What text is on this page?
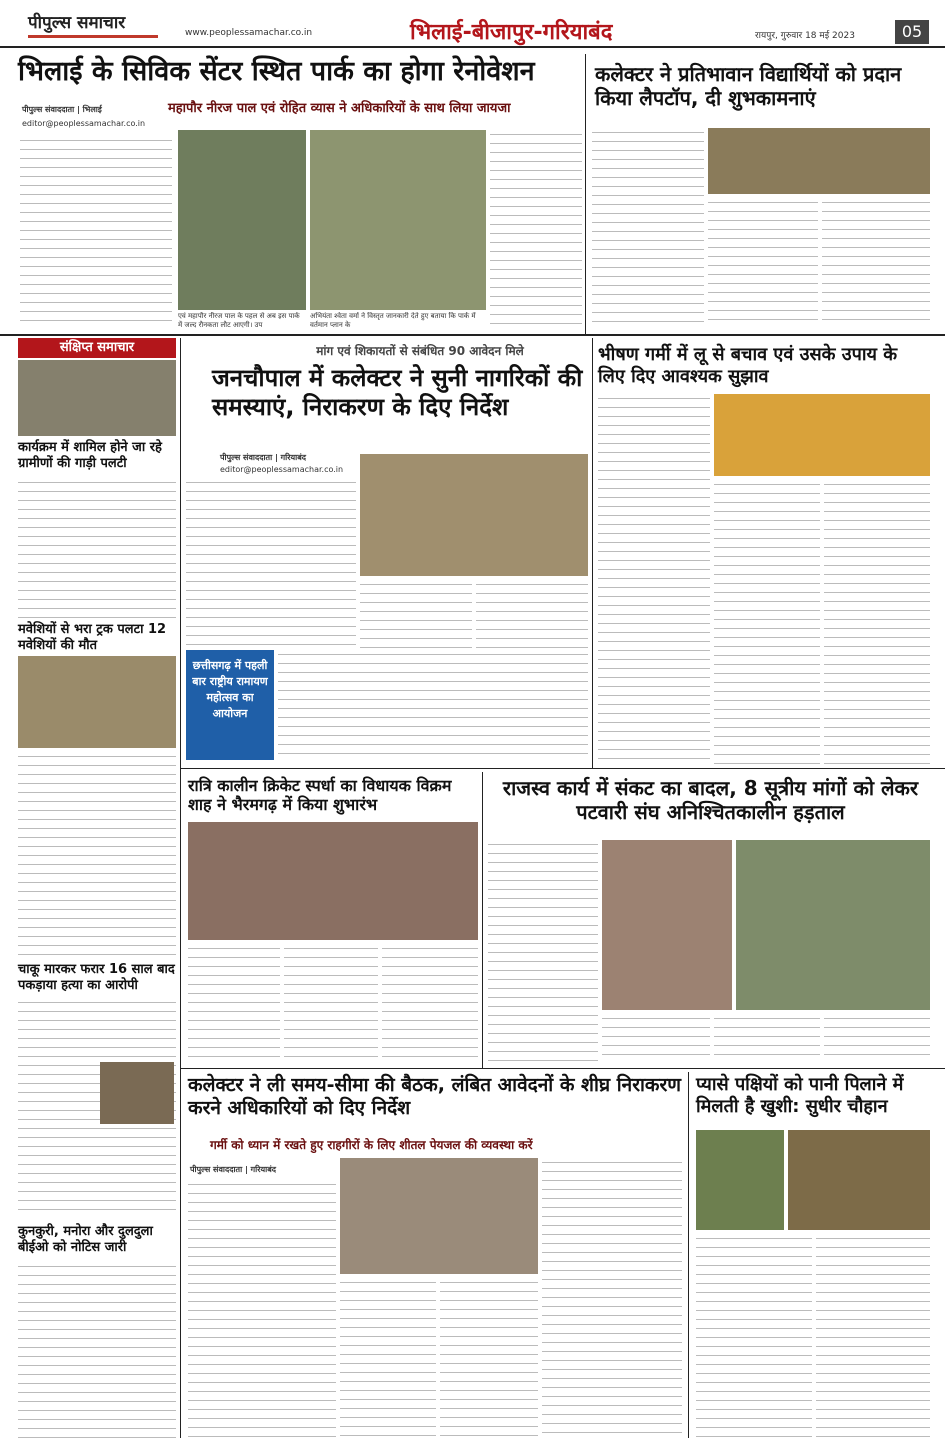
पीपुल्स समाचार	www.peoplessamachar.co.in	भिलाई-बीजापुर-गरियाबंद	रायपुर, गुरुवार 18 मई 2023	05
भिलाई के सिविक सेंटर स्थित पार्क का होगा रेनोवेशन
महापौर नीरज पाल एवं रोहित व्यास ने अधिकारियों के साथ लिया जायजा
पीपुल्स संवाददाता | भिलाई
editor@peoplessamachar.co.in
एवं महापौर नीरज पाल के पहल से अब इस पार्क में जल्द रौनकता लौट आएगी। उप
अभियंता श्वेता वर्मा ने विस्तृत जानकारी देते हुए बताया कि पार्क में वर्तमान प्लान के
कलेक्टर ने प्रतिभावान विद्यार्थियों को प्रदान किया लैपटॉप, दी शुभकामनाएं
संक्षिप्त समाचार
कार्यक्रम में शामिल होने जा रहे ग्रामीणों की गाड़ी पलटी
मवेशियों से भरा ट्रक पलटा 12 मवेशियों की मौत
चाकू मारकर फरार 16 साल बाद पकड़ाया हत्या का आरोपी
कुनकुरी, मनोरा और दुलदुला बीईओ को नोटिस जारी
मांग एवं शिकायतों से संबंधित 90 आवेदन मिले
जनचौपाल में कलेक्टर ने सुनी नागरिकों की समस्याएं, निराकरण के दिए निर्देश
पीपुल्स संवाददाता | गरियाबंद
editor@peoplessamachar.co.in
छत्तीसगढ़ में पहली बार राष्ट्रीय रामायण महोत्सव का आयोजन
भीषण गर्मी में लू से बचाव एवं उसके उपाय के लिए दिए आवश्यक सुझाव
रात्रि कालीन क्रिकेट स्पर्धा का विधायक विक्रम शाह ने भैरमगढ़ में किया शुभारंभ
राजस्व कार्य में संकट का बादल, 8 सूत्रीय मांगों को लेकर पटवारी संघ अनिश्चितकालीन हड़ताल
कलेक्टर ने ली समय-सीमा की बैठक, लंबित आवेदनों के शीघ्र निराकरण करने अधिकारियों को दिए निर्देश
गर्मी को ध्यान में रखते हुए राहगीरों के लिए शीतल पेयजल की व्यवस्था करें
पीपुल्स संवाददाता | गरियाबंद
प्यासे पक्षियों को पानी पिलाने में मिलती है खुशी: सुधीर चौहान
